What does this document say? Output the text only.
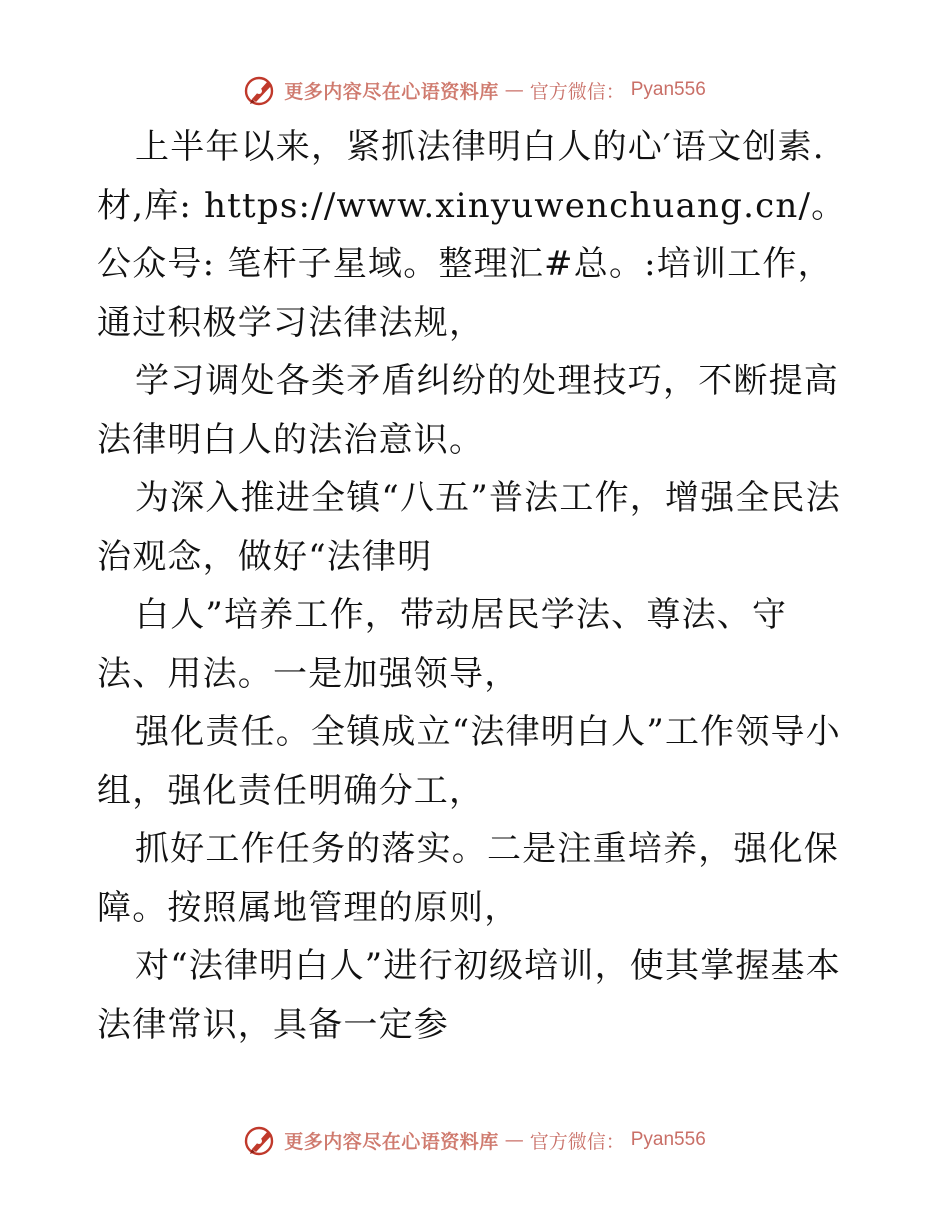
更多内容尽在心语资料库 — 官方微信： Pyan556

上半年以来，紧抓法律明白人的心′语文创素.材,库: https://www.xinyuwenchuang.cn/。公众号: 笔杆子星域。整理汇#总。:培训工作，通过积极学习法律法规，

学习调处各类矛盾纠纷的处理技巧，不断提高法律明白人的法治意识。

为深入推进全镇“八五”普法工作，增强全民法治观念，做好“法律明

白人”培养工作，带动居民学法、尊法、守法、用法。一是加强领导，

强化责任。全镇成立“法律明白人”工作领导小组，强化责任明确分工，

抓好工作任务的落实。二是注重培养，强化保障。按照属地管理的原则，

对“法律明白人”进行初级培训，使其掌握基本法律常识，具备一定参

更多内容尽在心语资料库 — 官方微信： Pyan556
